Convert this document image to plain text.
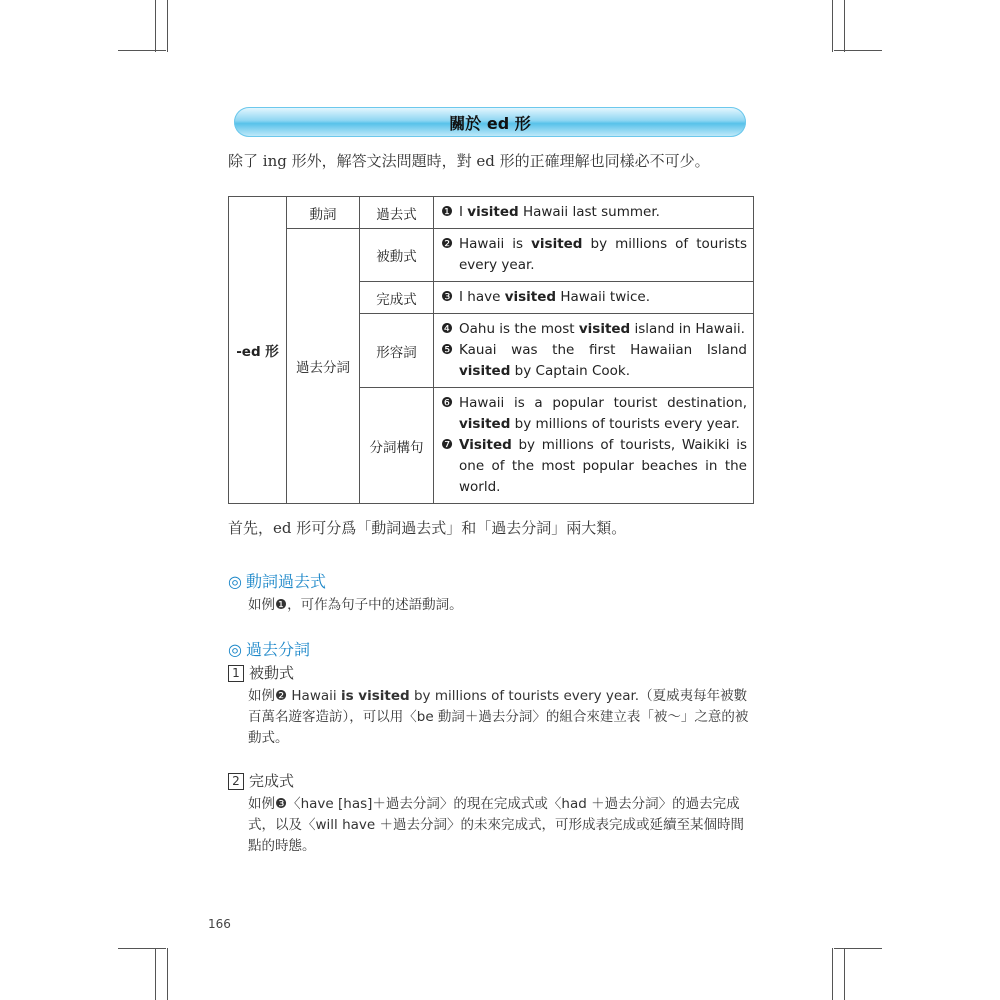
關於 ed 形
除了 ing 形外，解答文法問題時，對 ed 形的正確理解也同樣必不可少。
-ed 形	動詞	過去式	❶ I visited Hawaii last summer.

	過去分詞	被動式	❷ Hawaii is visited by millions of tourists every year.

		完成式	❸ I have visited Hawaii twice.

		形容詞	❹ Oahu is the most visited island in Hawaii.
❺ Kauai was the first Hawaiian Island visited by Captain Cook.

		分詞構句	❻ Hawaii is a popular tourist destination, visited by millions of tourists every year.
❼ Visited by millions of tourists, Waikiki is one of the most popular beaches in the world.
首先，ed 形可分爲「動詞過去式」和「過去分詞」兩大類。
◎ 動詞過去式
如例❶，可作為句子中的述語動詞。
◎ 過去分詞
1 被動式
如例❷ Hawaii is visited by millions of tourists every year.（夏威夷每年被數百萬名遊客造訪），可以用〈be 動詞＋過去分詞〉的組合來建立表「被～」之意的被動式。
2 完成式
如例❸〈have [has]＋過去分詞〉的現在完成式或〈had ＋過去分詞〉的過去完成式，以及〈will have ＋過去分詞〉的未來完成式，可形成表完成或延續至某個時間點的時態。
166
